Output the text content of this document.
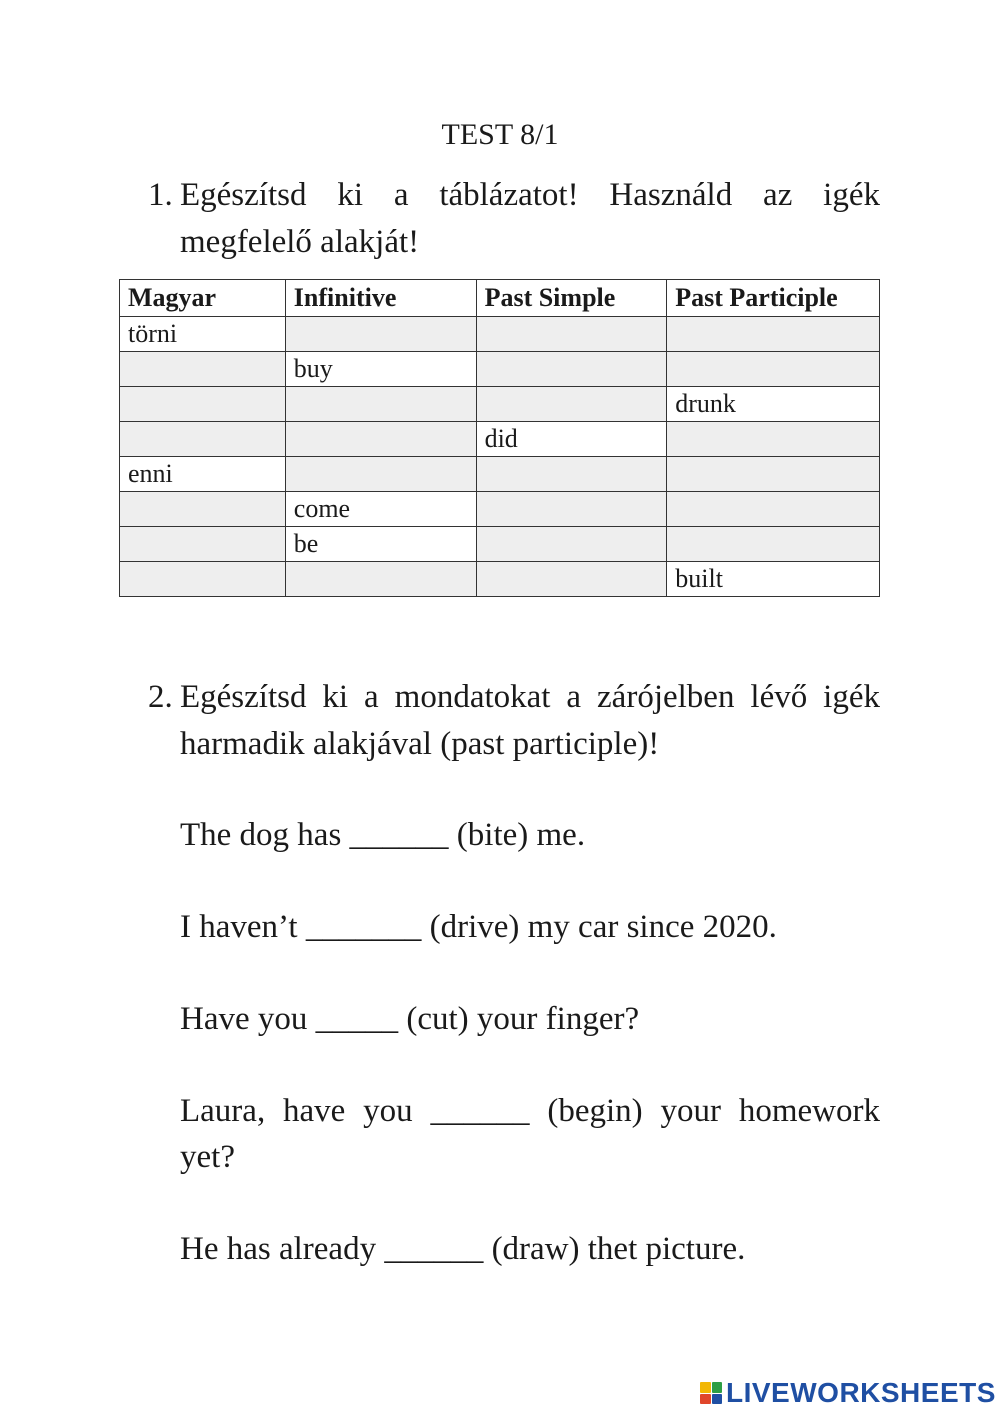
TEST 8/1
1. Egészítsd ki a táblázatot! Használd az igék megfelelő alakját!
Magyar	Infinitive	Past Simple	Past Participle
törni			
	buy		
			drunk
		did	
enni			
	come		
	be		
			built
2. Egészítsd ki a mondatokat a zárójelben lévő igék harmadik alakjával (past participle)!
The dog has ______ (bite) me.
I haven’t _______ (drive) my car since 2020.
Have you _____ (cut) your finger?
Laura, have you ______ (begin) your homework yet?
He has already ______ (draw) thet picture.
LIVEWORKSHEETS
